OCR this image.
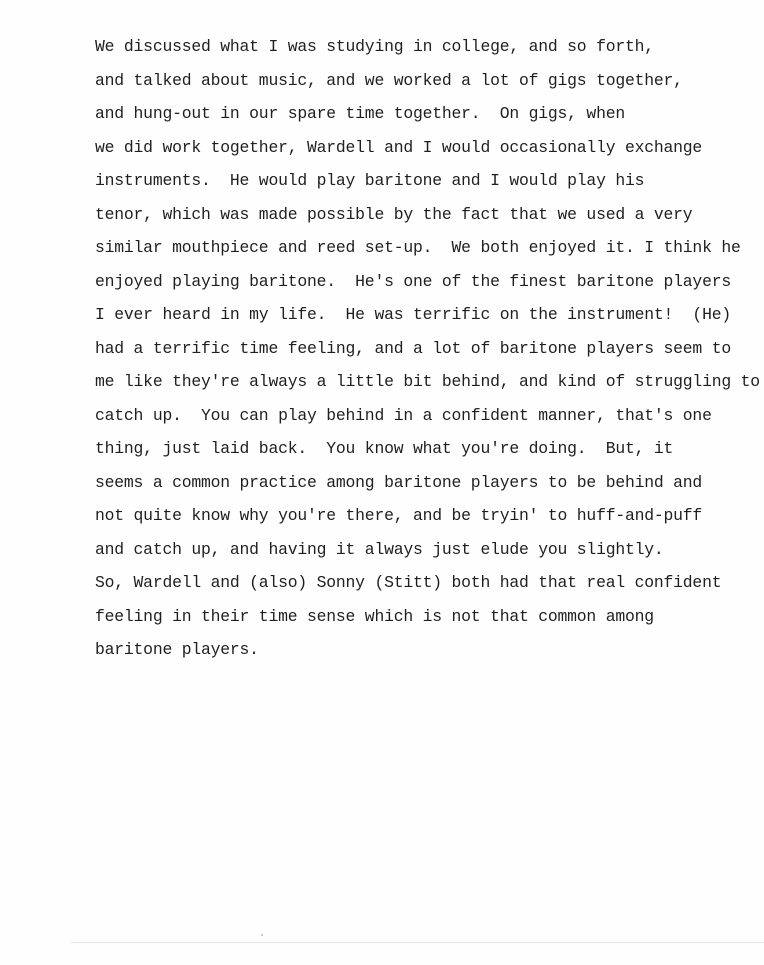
We discussed what I was studying in college, and so forth,
and talked about music, and we worked a lot of gigs together,
and hung-out in our spare time together.  On gigs, when
we did work together, Wardell and I would occasionally exchange
instruments.  He would play baritone and I would play his
tenor, which was made possible by the fact that we used a very
similar mouthpiece and reed set-up.  We both enjoyed it. I think he
enjoyed playing baritone.  He's one of the finest baritone players
I ever heard in my life.  He was terrific on the instrument!  (He)
had a terrific time feeling, and a lot of baritone players seem to
me like they're always a little bit behind, and kind of struggling to
catch up.  You can play behind in a confident manner, that's one
thing, just laid back.  You know what you're doing.  But, it
seems a common practice among baritone players to be behind and
not quite know why you're there, and be tryin' to huff-and-puff
and catch up, and having it always just elude you slightly.
So, Wardell and (also) Sonny (Stitt) both had that real confident
feeling in their time sense which is not that common among
baritone players.
